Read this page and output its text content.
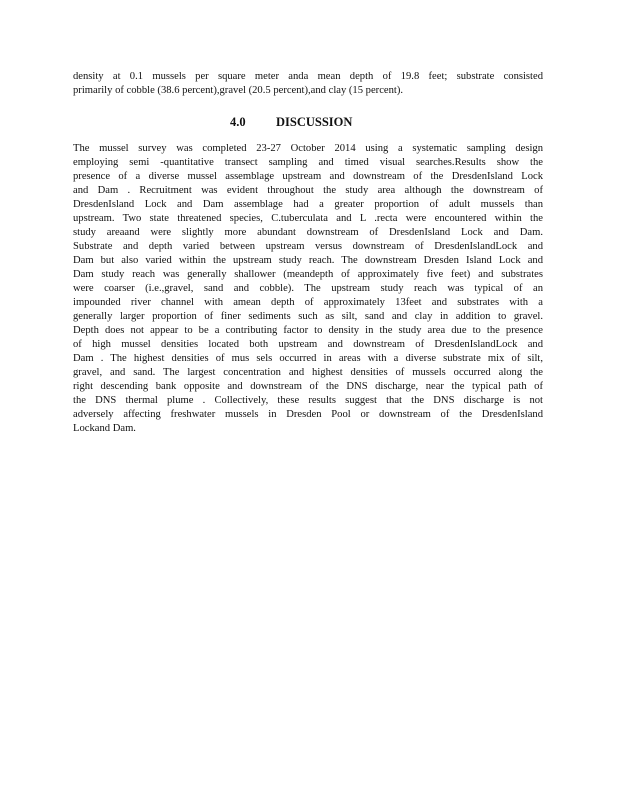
density at 0.1 mussels per square meter anda mean depth of 19.8 feet; substrate consisted
primarily of cobble (38.6 percent),gravel (20.5 percent),and clay (15 percent).
4.0 DISCUSSION
The mussel survey was completed 23-27 October 2014 using a systematic sampling design
employing semi -quantitative transect sampling and timed visual searches.Results show the
presence of a diverse mussel assemblage upstream and downstream of the DresdenIsland Lock
and Dam . Recruitment was evident throughout the study area although the downstream of
DresdenIsland Lock and Dam assemblage had a greater proportion of adult mussels than
upstream. Two state threatened species, C.tuberculata and L .recta were encountered within the
study areaand were slightly more abundant downstream of DresdenIsland Lock and Dam.
Substrate and depth varied between upstream versus downstream of DresdenIslandLock and
Dam but also varied within the upstream study reach. The downstream Dresden Island Lock and
Dam study reach was generally shallower (meandepth of approximately five feet) and substrates
were coarser (i.e.,gravel, sand and cobble). The upstream study reach was typical of an
impounded river channel with amean depth of approximately 13feet and substrates with a
generally larger proportion of finer sediments such as silt, sand and clay in addition to gravel.
Depth does not appear to be a contributing factor to density in the study area due to the presence
of high mussel densities located both upstream and downstream of DresdenIslandLock and
Dam . The highest densities of mus sels occurred in areas with a diverse substrate mix of silt,
gravel, and sand. The largest concentration and highest densities of mussels occurred along the
right descending bank opposite and downstream of the DNS discharge, near the typical path of
the DNS thermal plume . Collectively, these results suggest that the DNS discharge is not
adversely affecting freshwater mussels in Dresden Pool or downstream of the DresdenIsland
Lockand Dam.
